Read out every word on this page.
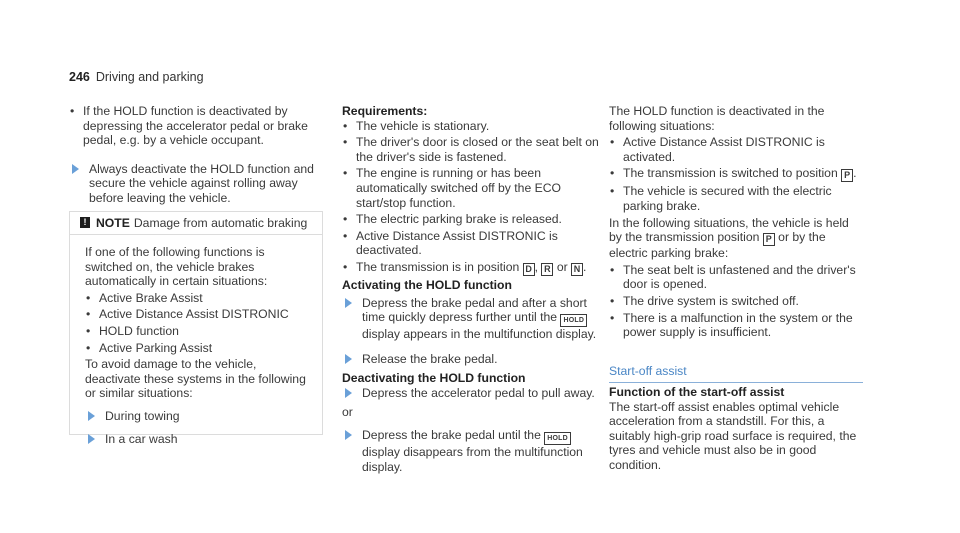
246 Driving and parking
• If the HOLD function is deactivated by depressing the accelerator pedal or brake pedal, e.g. by a vehicle occupant.
Always deactivate the HOLD function and secure the vehicle against rolling away before leaving the vehicle.
! NOTE Damage from automatic braking

If one of the following functions is switched on, the vehicle brakes automatically in certain situations:

• Active Brake Assist
• Active Distance Assist DISTRONIC
• HOLD function
• Active Parking Assist

To avoid damage to the vehicle, deactivate these systems in the following or similar situations:

During towing
In a car wash
Requirements:
• The vehicle is stationary.
• The driver's door is closed or the seat belt on the driver's side is fastened.
• The engine is running or has been automatically switched off by the ECO start/stop function.
• The electric parking brake is released.
• Active Distance Assist DISTRONIC is deactivated.
• The transmission is in position D , R or N .
Activating the HOLD function
Depress the brake pedal and after a short time quickly depress further until the HOLD display appears in the multifunction display.
Release the brake pedal.
Deactivating the HOLD function
Depress the accelerator pedal to pull away.
or
Depress the brake pedal until the HOLD display disappears from the multifunction display.

The HOLD function is deactivated in the following situations:

• Active Distance Assist DISTRONIC is activated.
• The transmission is switched to position P .
• The vehicle is secured with the electric parking brake.

In the following situations, the vehicle is held by the transmission position P or by the electric parking brake:

• The seat belt is unfastened and the driver's door is opened.
• The drive system is switched off.
• There is a malfunction in the system or the power supply is insufficient.
Start-off assist
Function of the start-off assist

The start-off assist enables optimal vehicle acceleration from a standstill. For this, a suitably high-grip road surface is required, the tyres and vehicle must also be in good condition.
